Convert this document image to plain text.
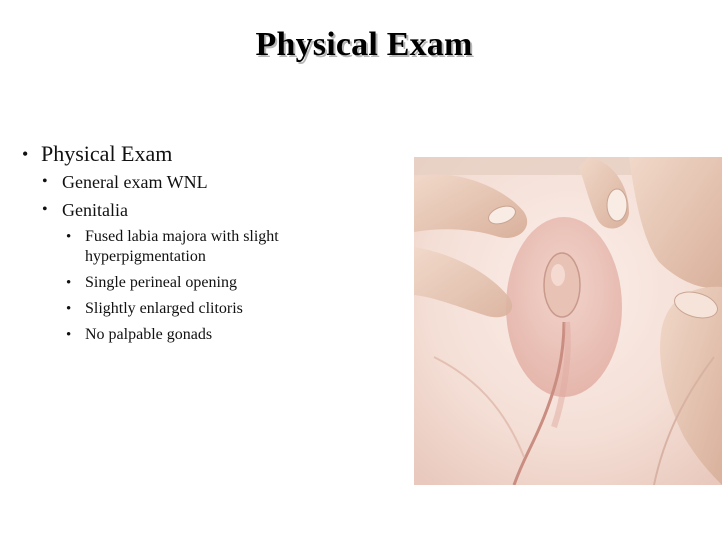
Physical Exam
• Physical Exam
• General exam WNL
• Genitalia
• Fused labia majora with slight hyperpigmentation
• Single perineal opening
• Slightly enlarged clitoris
• No palpable gonads
